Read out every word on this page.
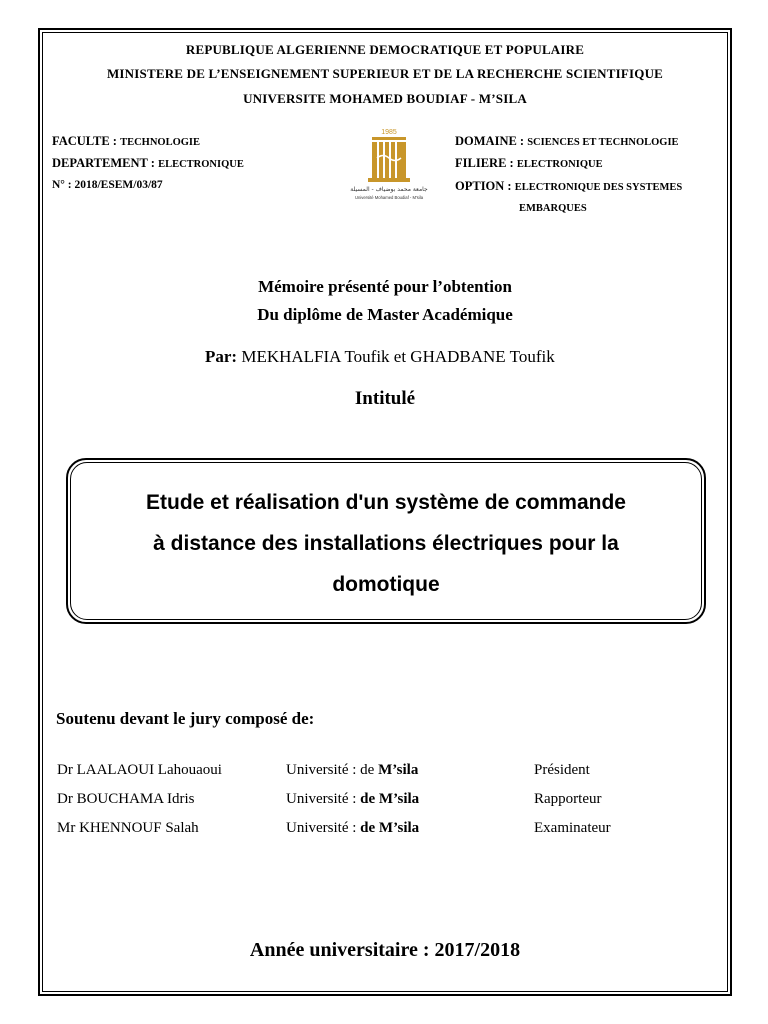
REPUBLIQUE ALGERIENNE DEMOCRATIQUE ET POPULAIRE
MINISTERE DE L’ENSEIGNEMENT SUPERIEUR ET DE LA RECHERCHE SCIENTIFIQUE
UNIVERSITE MOHAMED BOUDIAF - M’SILA
FACULTE : TECHNOLOGIE
DEPARTEMENT : ELECTRONIQUE
N° : 2018/ESEM/03/87
DOMAINE : SCIENCES ET TECHNOLOGIE
FILIERE : ELECTRONIQUE
OPTION : ELECTRONIQUE DES SYSTEMES
EMBARQUES
1985
جامعة محمد بوضياف - المسيلة
Université Mohamed Boudiaf - M'sila
Mémoire présenté pour l’obtention
Du diplôme de Master Académique
Par: MEKHALFIA Toufik et GHADBANE Toufik
Intitulé
Etude et réalisation d'un système de commande
à distance des installations électriques pour la
domotique
Soutenu devant le jury composé de:
Dr LAALAOUI Lahouaoui	Université : de M’sila	Président
Dr BOUCHAMA Idris	Université : de M’sila	Rapporteur
Mr KHENNOUF Salah	Université : de M’sila	Examinateur
Année universitaire : 2017/2018
